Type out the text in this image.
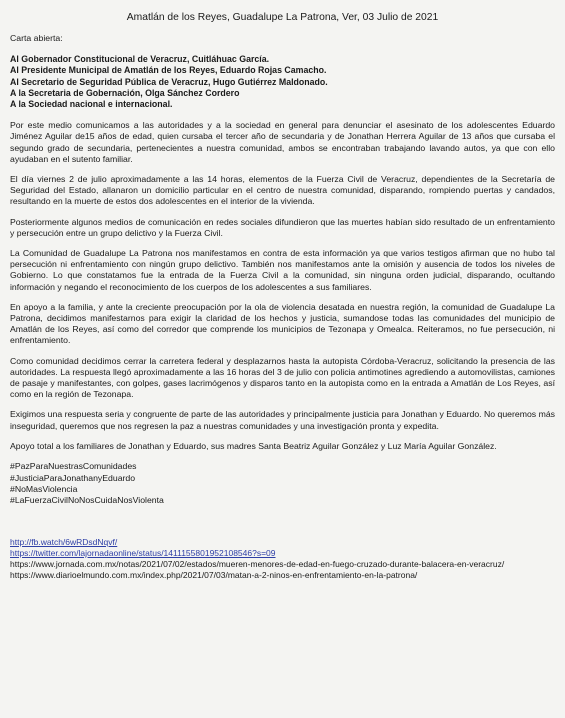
Amatlán de los Reyes, Guadalupe La Patrona, Ver, 03 Julio de 2021

Carta abierta:

Al Gobernador Constitucional de Veracruz, Cuitláhuac García.

Al Presidente Municipal de Amatlán de los Reyes, Eduardo Rojas Camacho.

Al Secretario de Seguridad Pública de Veracruz, Hugo Gutiérrez Maldonado.

A la Secretaria de Gobernación, Olga Sánchez Cordero

A la Sociedad nacional e internacional.

Por este medio comunicamos a las autoridades y a la sociedad en general para denunciar el asesinato de los adolescentes Eduardo Jiménez Aguilar de15 años de edad, quien cursaba el tercer año de secundaria y de Jonathan Herrera Aguilar de 13 años que cursaba el segundo grado de secundaria, pertenecientes a nuestra comunidad, ambos se encontraban trabajando lavando autos, ya que con ello ayudaban en el sutento familiar.

El día viernes 2 de julio aproximadamente a las 14 horas, elementos de la Fuerza Civil de Veracruz, dependientes de la Secretaría de Seguridad del Estado, allanaron un domicilio particular en el centro de nuestra comunidad, disparando, rompiendo puertas y candados, resultando en la muerte de estos dos adolescentes en el interior de la vivienda.

Posteriormente algunos medios de comunicación en redes sociales difundieron que las muertes habían sido resultado de un enfrentamiento y persecución entre un grupo delictivo y la Fuerza Civil.

La Comunidad de Guadalupe La Patrona nos manifestamos en contra de esta información ya que varios testigos afirman que no hubo tal persecución ni enfrentamiento con ningún grupo delictivo. También nos manifestamos ante la omisión y ausencia de todos los niveles de Gobierno. Lo que constatamos fue la entrada de la Fuerza Civil a la comunidad, sin ninguna orden judicial, disparando, ocultando información y negando el reconocimiento de los cuerpos de los adolescentes a sus familiares.

En apoyo a la familia, y ante la creciente preocupación por la ola de violencia desatada en nuestra región, la comunidad de Guadalupe La Patrona, decidimos manifestarnos para exigir la claridad de los hechos y justicia, sumandose todas las comunidades del municipio de Amatlán de los Reyes, así como del corredor que comprende los municipios de Tezonapa y Omealca. Reiteramos, no fue persecución, ni enfrentamiento.

Como comunidad decidimos cerrar la carretera federal y desplazarnos hasta la autopista Córdoba-Veracruz, solicitando la presencia de las autoridades. La respuesta llegó aproximadamente a las 16 horas del 3 de julio con policia antimotines agrediendo a automovilistas, camiones de pasaje y manifestantes, con golpes, gases lacrimógenos y disparos tanto en la autopista como en la entrada a Amatlán de Los Reyes, así como en la región de Tezonapa.

Exigimos una respuesta seria y congruente de parte de las autoridades y principalmente justicia para Jonathan y Eduardo. No queremos más inseguridad, queremos que nos regresen la paz a nuestras comunidades y una investigación pronta y expedita.

Apoyo total a los familiares de Jonathan y Eduardo, sus madres Santa Beatriz Aguilar González y Luz María Aguilar González.

#PazParaNuestrasComunidades

#JusticiaParaJonathanyEduardo

#NoMasViolencia

#LaFuerzaCivilNoNosCuidaNosViolenta

http://fb.watch/6wRDsdNqvf/

https://twitter.com/lajornadaonline/status/1411155801952108546?s=09

https://www.jornada.com.mx/notas/2021/07/02/estados/mueren-menores-de-edad-en-fuego-cruzado-durante-balacera-en-veracruz/

https://www.diarioelmundo.com.mx/index.php/2021/07/03/matan-a-2-ninos-en-enfrentamiento-en-la-patrona/
